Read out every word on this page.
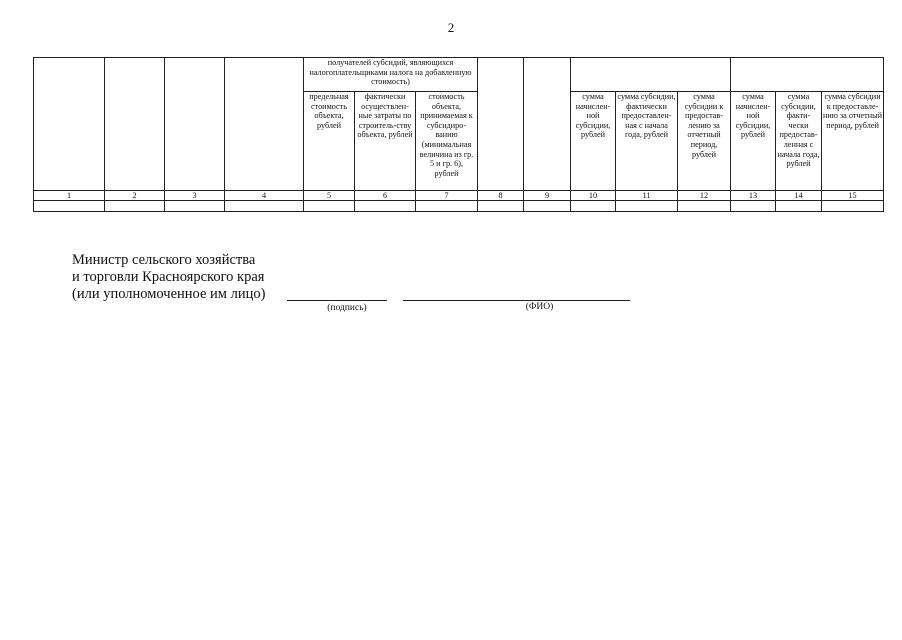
2
				получателей субсидий, являющихся налогоплательщиками налога на добавленную стоимость)										
				предельная стоимость объекта, рублей	фактически осуществлен-ные затраты по строитель-ству объекта, рублей	стоимость объекта, принимаемая к субсидиро-ванию (минимальная величина из гр. 5 и гр. 6), рублей			сумма начислен-ной субсидии, рублей	сумма субсидии, фактически предоставлен-ная с начала года, рублей	сумма субсидии к предостав-лению за отчетный период, рублей	сумма начислен-ной субсидии, рублей	сумма субсидии, факти-чески предостав-ленная с начала года, рублей	сумма субсидии к предоставле-нию за отчетный период, рублей
1	2	3	4	5	6	7	8	9	10	11	12	13	14	15

Министр сельского хозяйства
и торговли Красноярского края
(или уполномоченное им лицо)
(подпись)	(ФИО)
